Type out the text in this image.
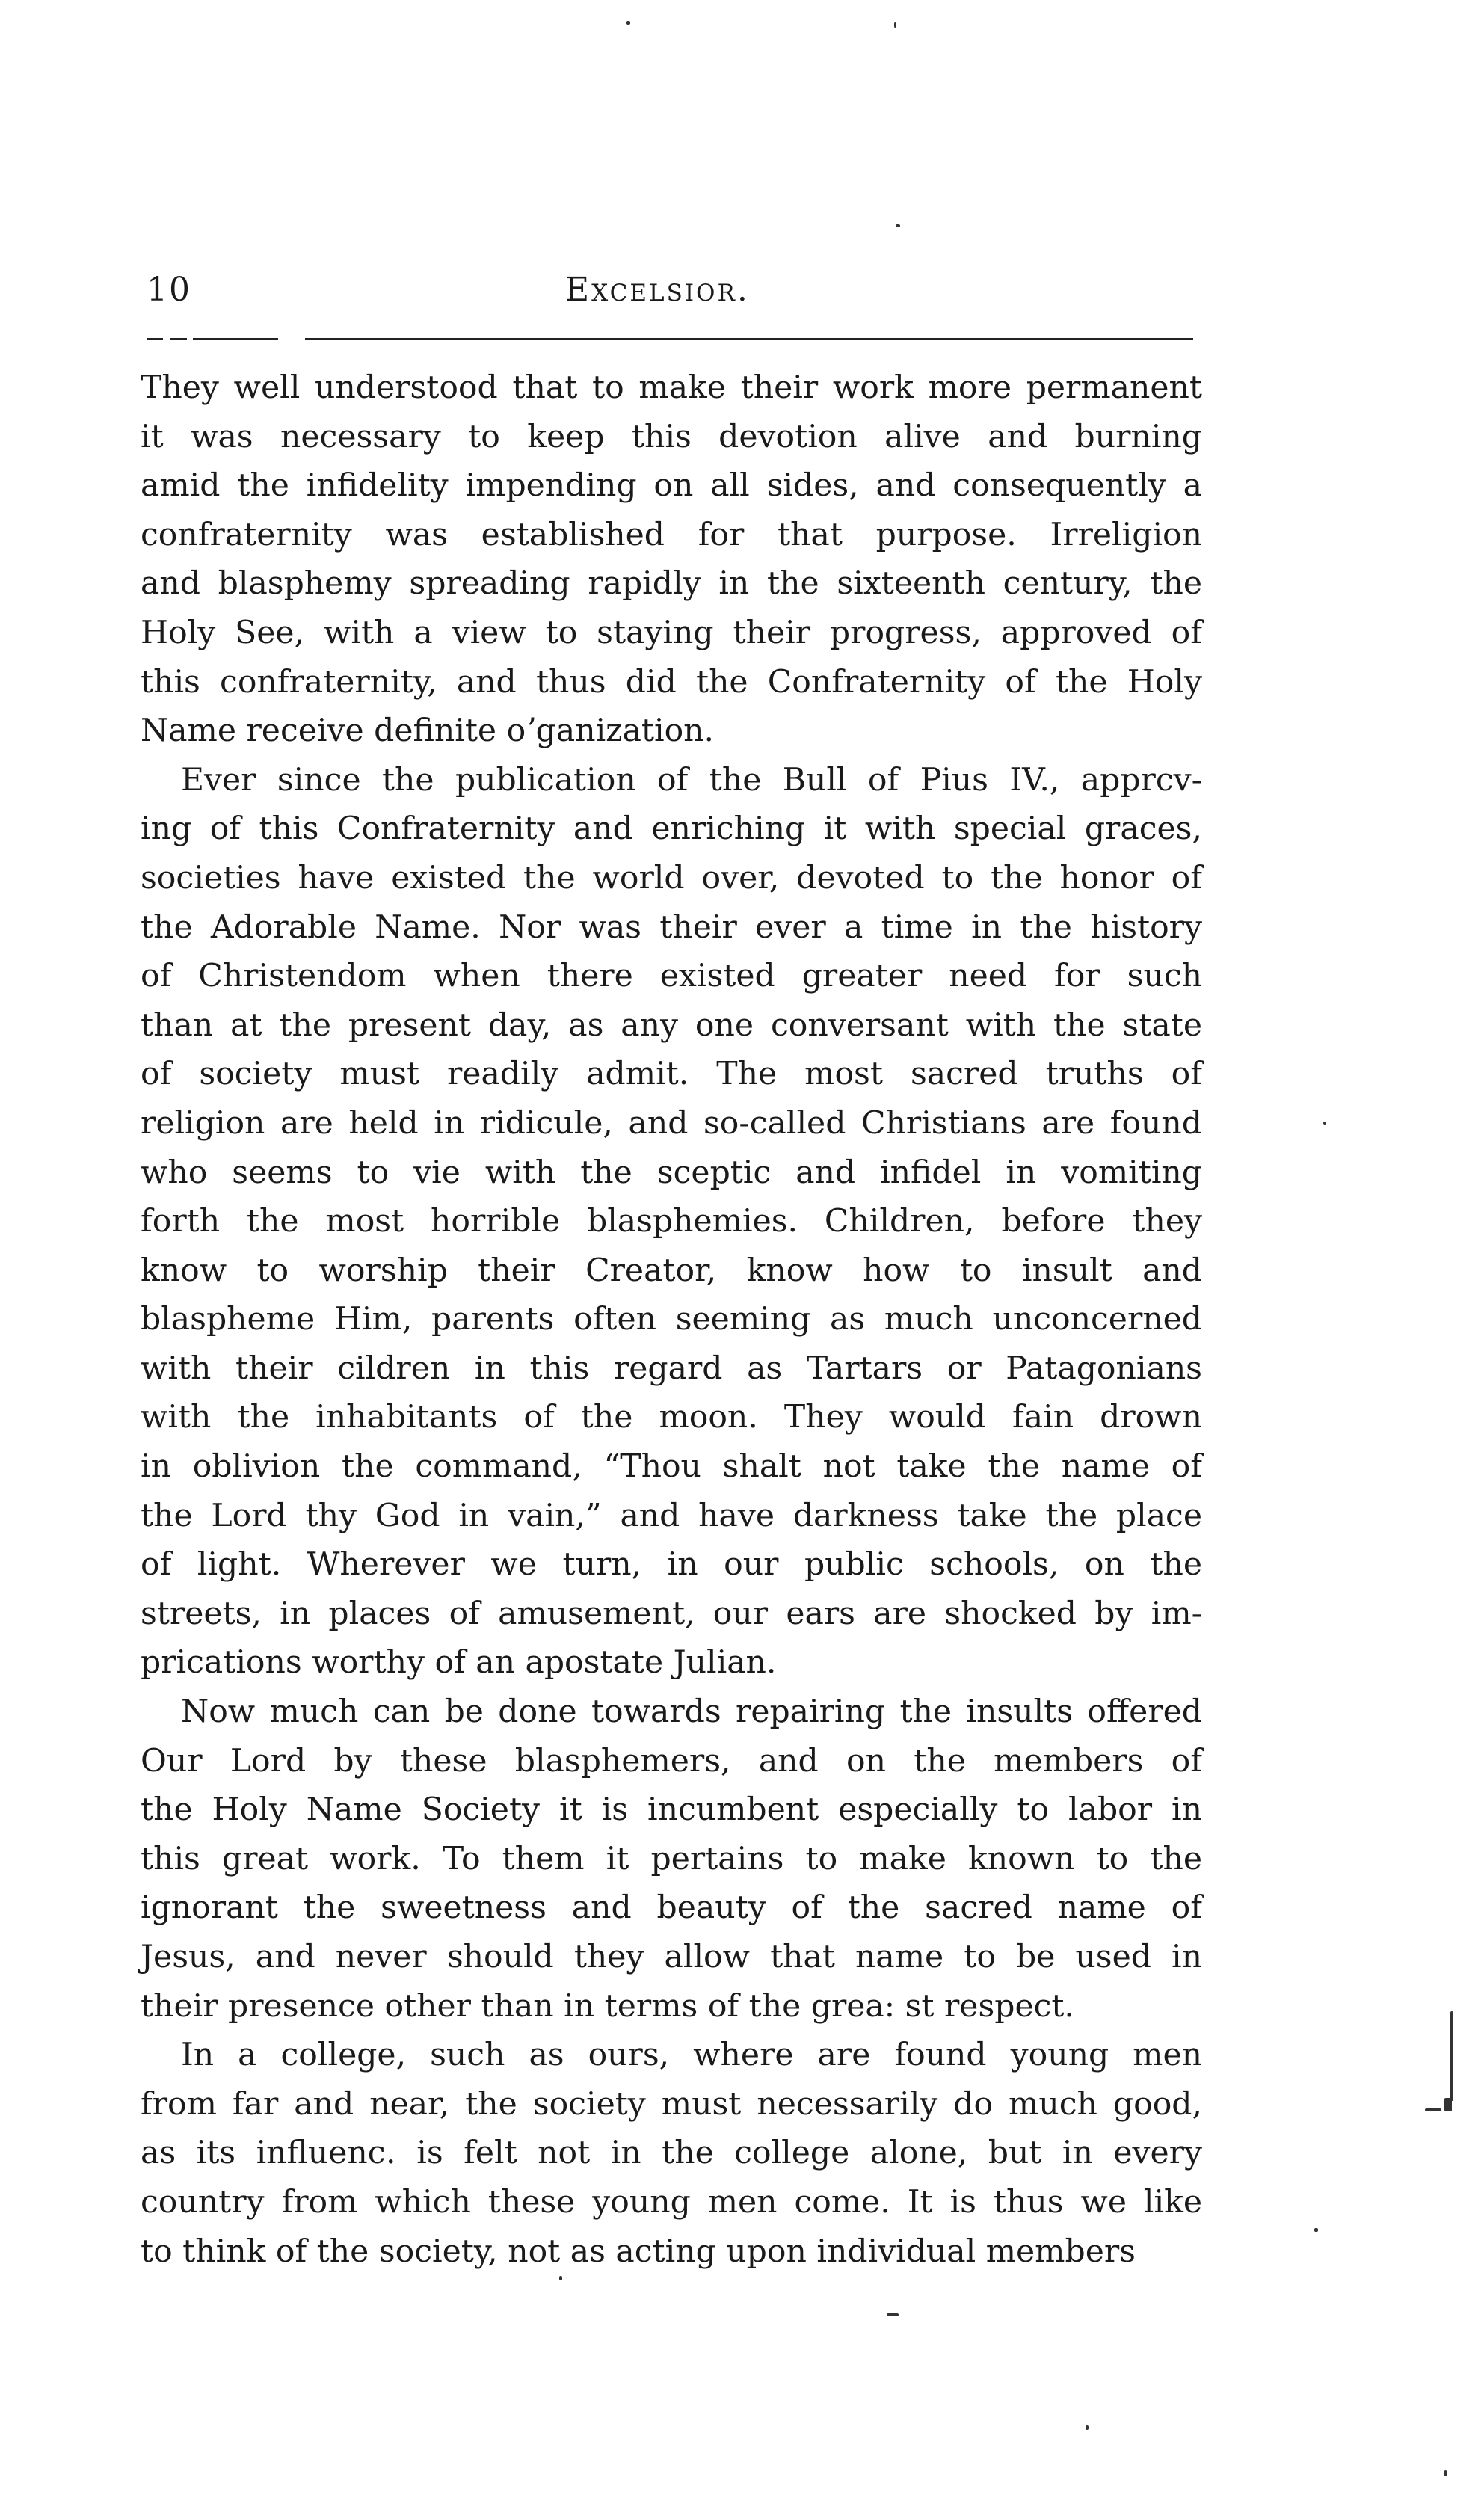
10	Excelsior.

They well understood that to make their work more permanent
it was necessary to keep this devotion alive and burning
amid the infidelity impending on all sides, and consequently a
confraternity was established for that purpose. Irreligion
and blasphemy spreading rapidly in the sixteenth century, the
Holy See, with a view to staying their progress, approved of
this confraternity, and thus did the Confraternity of the Holy
Name receive definite oʼganization.

Ever since the publication of the Bull of Pius IV., apprcv-
ing of this Confraternity and enriching it with special graces,
societies have existed the world over, devoted to the honor of
the Adorable Name. Nor was their ever a time in the history
of Christendom when there existed greater need for such
than at the present day, as any one conversant with the state
of society must readily admit. The most sacred truths of
religion are held in ridicule, and so-called Christians are found
who seems to vie with the sceptic and infidel in vomiting
forth the most horrible blasphemies. Children, before they
know to worship their Creator, know how to insult and
blaspheme Him, parents often seeming as much unconcerned
with their cildren in this regard as Tartars or Patagonians
with the inhabitants of the moon. They would fain drown
in oblivion the command, “Thou shalt not take the name of
the Lord thy God in vain,” and have darkness take the place
of light. Wherever we turn, in our public schools, on the
streets, in places of amusement, our ears are shocked by im-
prications worthy of an apostate Julian.

Now much can be done towards repairing the insults offered
Our Lord by these blasphemers, and on the members of
the Holy Name Society it is incumbent especially to labor in
this great work. To them it pertains to make known to the
ignorant the sweetness and beauty of the sacred name of
Jesus, and never should they allow that name to be used in
their presence other than in terms of the grea: st respect.

In a college, such as ours, where are found young men
from far and near, the society must necessarily do much good,
as its influenc․ is felt not in the college alone, but in every
country from which these young men come. It is thus we like
to think of the society, not as acting upon individual members
